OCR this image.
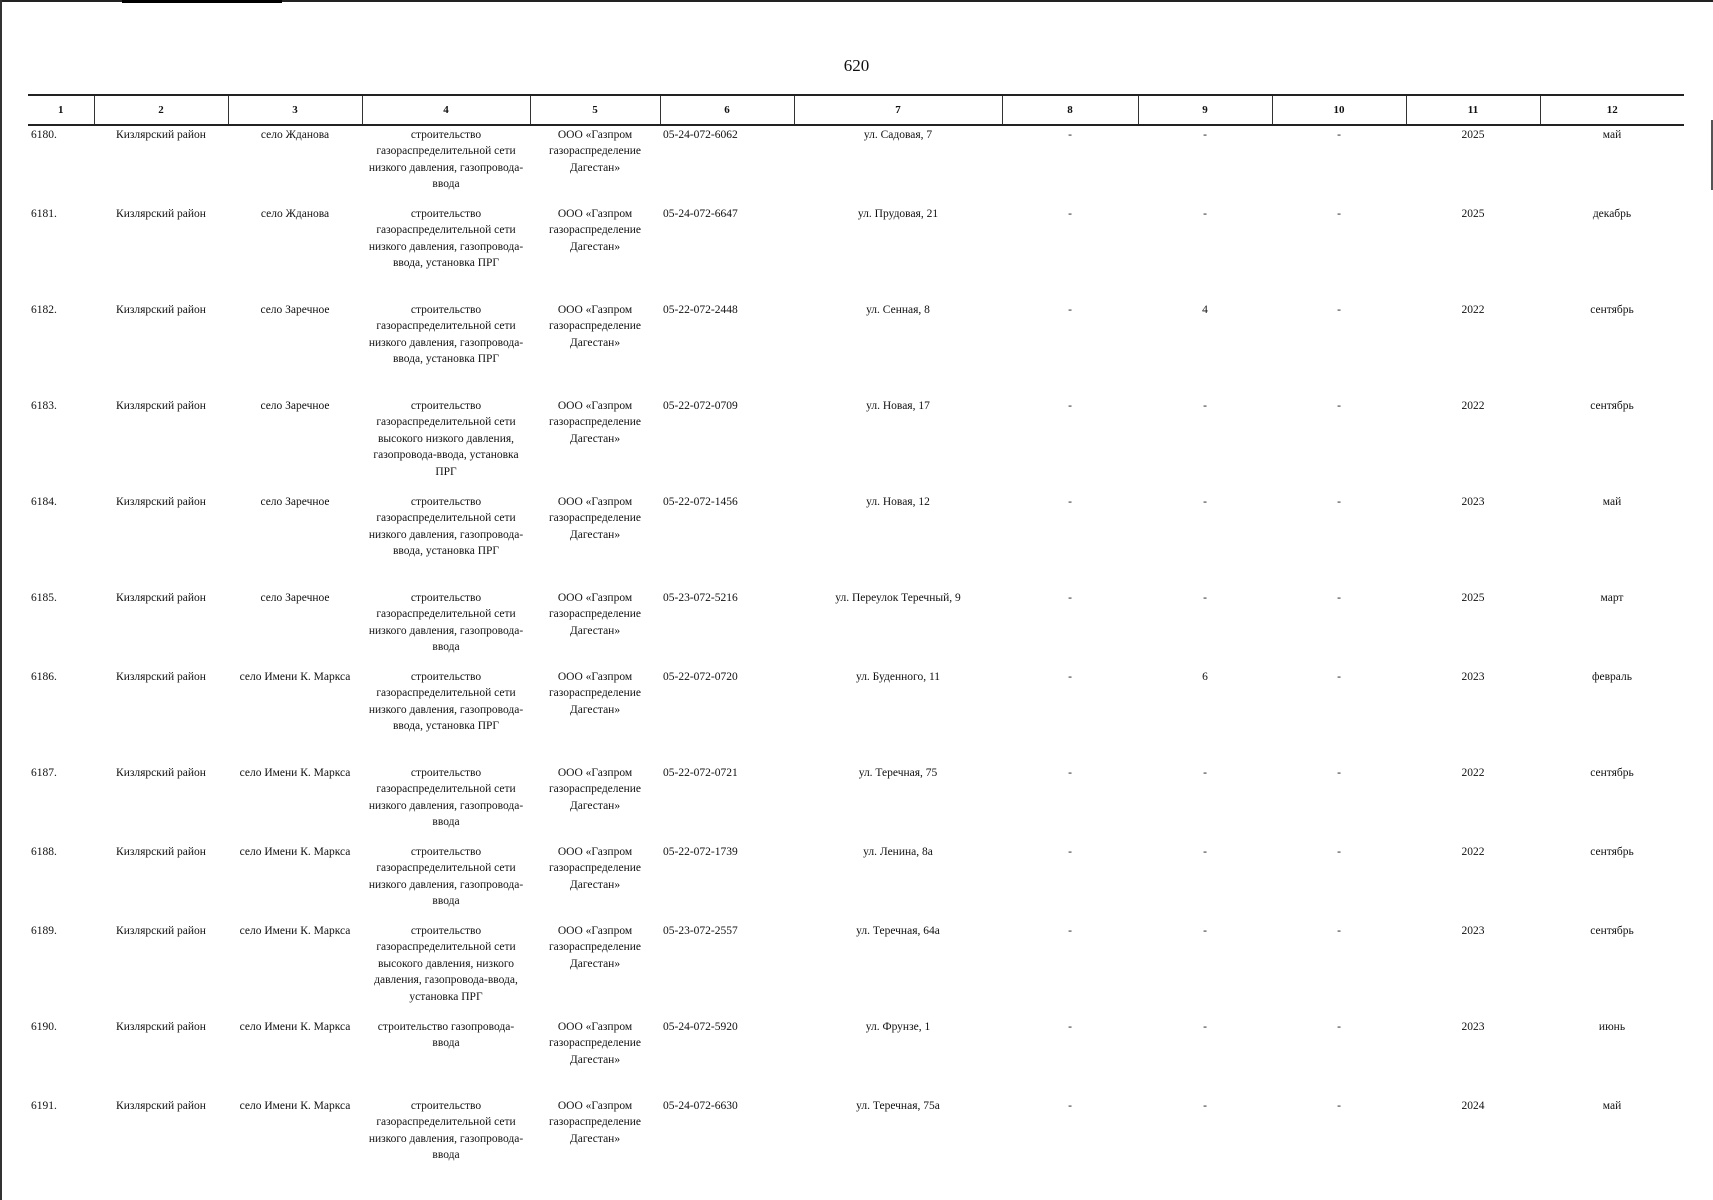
620
1	2	3	4	5	6	7	8	9	10	11	12
6180.	Кизлярский район	село Жданова	строительство газораспределительной сети низкого давления, газопровода-ввода	ООО «Газпром газораспределение Дагестан»	05-24-072-6062	ул. Садовая, 7	-	-	-	2025	май
6181.	Кизлярский район	село Жданова	строительство газораспределительной сети низкого давления, газопровода-ввода, установка ПРГ	ООО «Газпром газораспределение Дагестан»	05-24-072-6647	ул. Прудовая, 21	-	-	-	2025	декабрь
6182.	Кизлярский район	село Заречное	строительство газораспределительной сети низкого давления, газопровода-ввода, установка ПРГ	ООО «Газпром газораспределение Дагестан»	05-22-072-2448	ул. Сенная, 8	-	4	-	2022	сентябрь
6183.	Кизлярский район	село Заречное	строительство газораспределительной сети высокого низкого давления, газопровода-ввода, установка ПРГ	ООО «Газпром газораспределение Дагестан»	05-22-072-0709	ул. Новая, 17	-	-	-	2022	сентябрь
6184.	Кизлярский район	село Заречное	строительство газораспределительной сети низкого давления, газопровода-ввода, установка ПРГ	ООО «Газпром газораспределение Дагестан»	05-22-072-1456	ул. Новая, 12	-	-	-	2023	май
6185.	Кизлярский район	село Заречное	строительство газораспределительной сети низкого давления, газопровода-ввода	ООО «Газпром газораспределение Дагестан»	05-23-072-5216	ул. Переулок Теречный, 9	-	-	-	2025	март
6186.	Кизлярский район	село Имени К. Маркса	строительство газораспределительной сети низкого давления, газопровода-ввода, установка ПРГ	ООО «Газпром газораспределение Дагестан»	05-22-072-0720	ул. Буденного, 11	-	6	-	2023	февраль
6187.	Кизлярский район	село Имени К. Маркса	строительство газораспределительной сети низкого давления, газопровода-ввода	ООО «Газпром газораспределение Дагестан»	05-22-072-0721	ул. Теречная, 75	-	-	-	2022	сентябрь
6188.	Кизлярский район	село Имени К. Маркса	строительство газораспределительной сети низкого давления, газопровода-ввода	ООО «Газпром газораспределение Дагестан»	05-22-072-1739	ул. Ленина, 8а	-	-	-	2022	сентябрь
6189.	Кизлярский район	село Имени К. Маркса	строительство газораспределительной сети высокого давления, низкого давления, газопровода-ввода, установка ПРГ	ООО «Газпром газораспределение Дагестан»	05-23-072-2557	ул. Теречная, 64а	-	-	-	2023	сентябрь
6190.	Кизлярский район	село Имени К. Маркса	строительство газопровода-ввода	ООО «Газпром газораспределение Дагестан»	05-24-072-5920	ул. Фрунзе, 1	-	-	-	2023	июнь
6191.	Кизлярский район	село Имени К. Маркса	строительство газораспределительной сети низкого давления, газопровода-ввода	ООО «Газпром газораспределение Дагестан»	05-24-072-6630	ул. Теречная, 75а	-	-	-	2024	май
